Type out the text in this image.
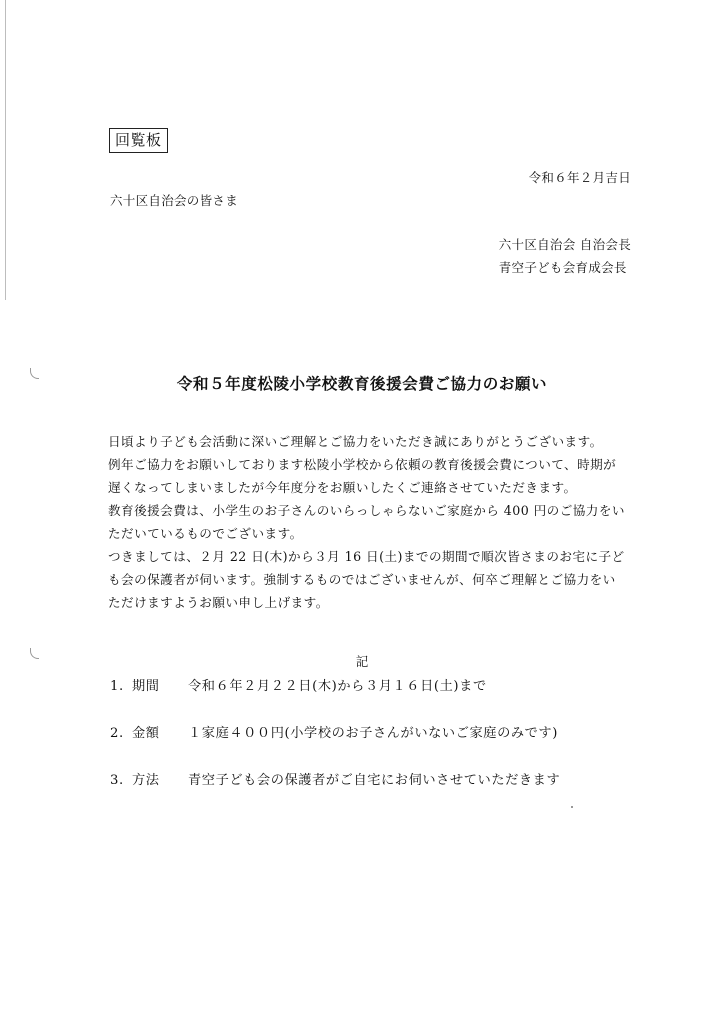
回覧板
令和６年２月吉日
六十区自治会の皆さま
六十区自治会 自治会長
青空子ども会育成会長
令和５年度松陵小学校教育後援会費ご協力のお願い

日頃より子ども会活動に深いご理解とご協力をいただき誠にありがとうございます。

例年ご協力をお願いしております松陵小学校から依頼の教育後援会費について、時期が遅くなってしまいましたが今年度分をお願いしたくご連絡させていただきます。

教育後援会費は、小学生のお子さんのいらっしゃらないご家庭から 400 円のご協力をいただいているものでございます。

つきましては、２月 22 日(木)から３月 16 日(土)までの期間で順次皆さまのお宅に子ども会の保護者が伺います。強制するものではございませんが、何卒ご理解とご協力をいただけますようお願い申し上げます。

記
1. 期間 令和６年２月２２日(木)から３月１６日(土)まで
2. 金額 １家庭４００円(小学校のお子さんがいないご家庭のみです)
3. 方法 青空子ども会の保護者がご自宅にお伺いさせていただきます
